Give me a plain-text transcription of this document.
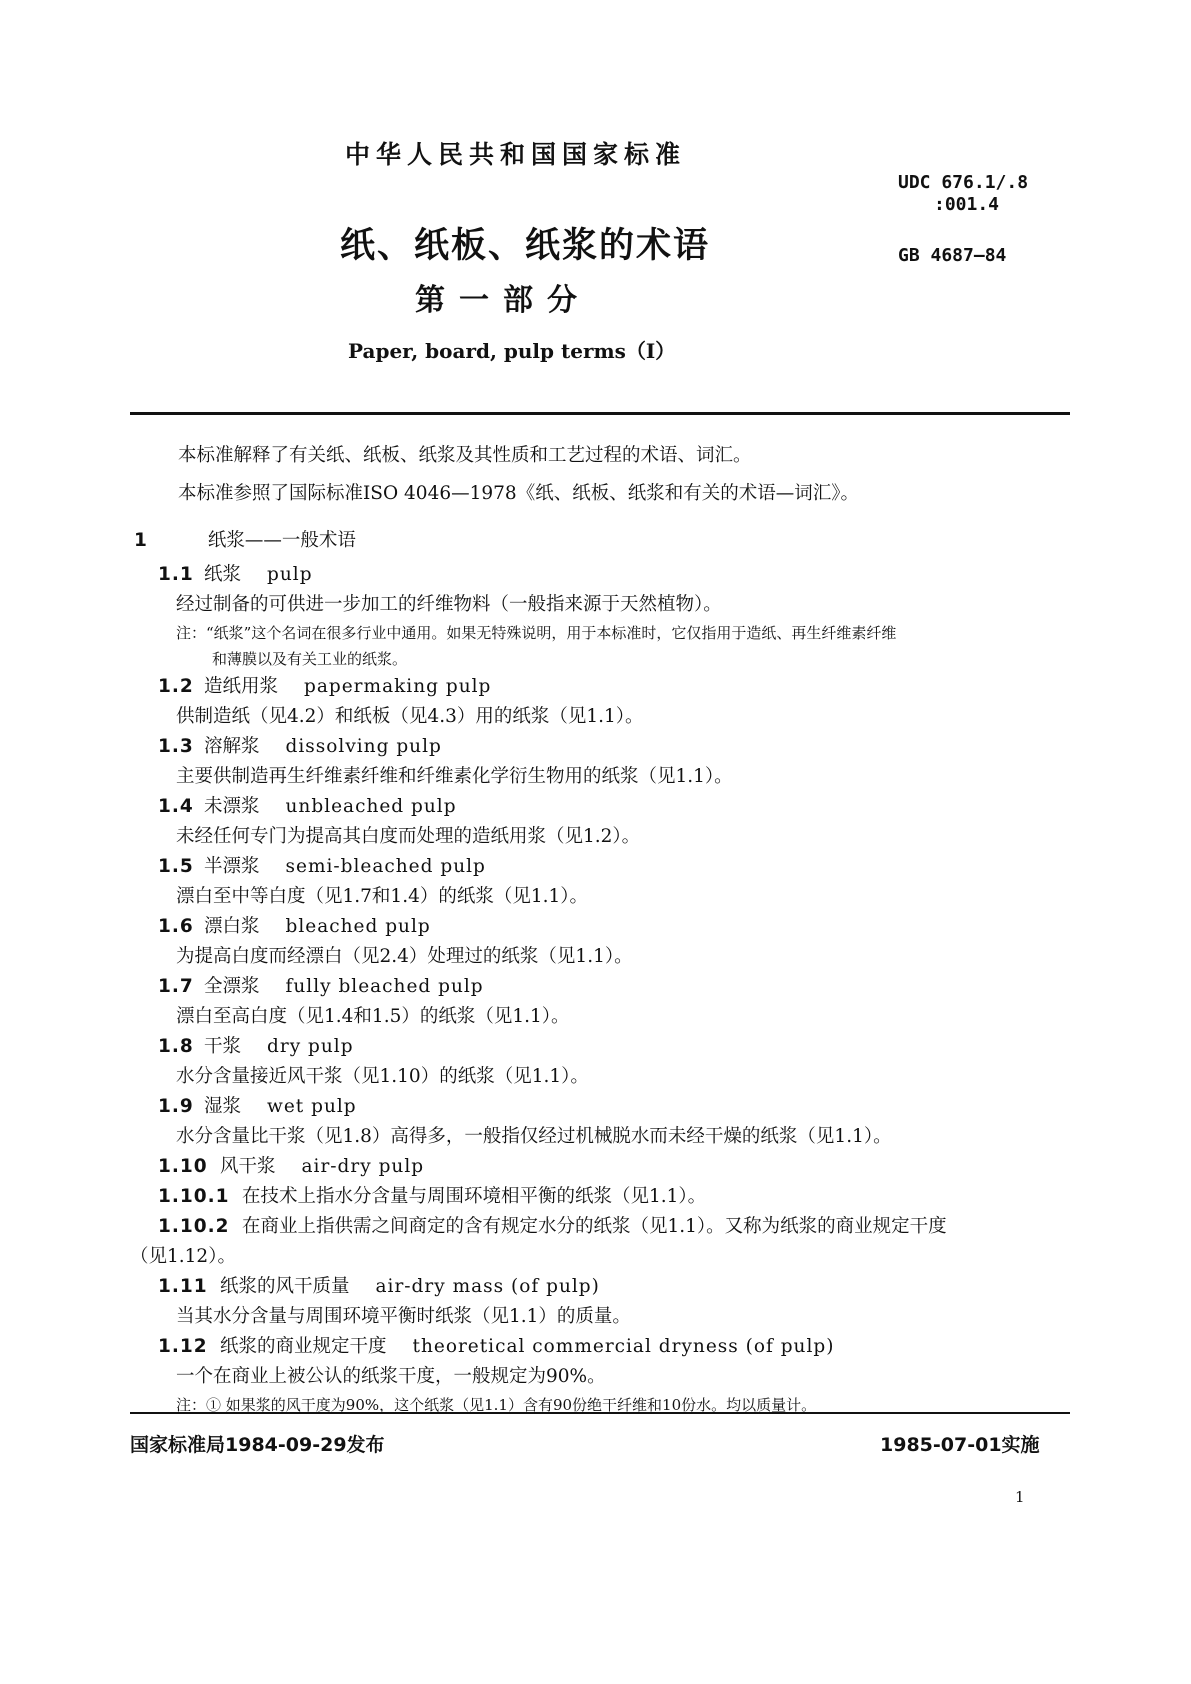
中华人民共和国国家标准
UDC 676.1/.8
:001.4
GB 4687—84
纸、纸板、纸浆的术语
第一部分
Paper, board, pulp terms（I）
本标准解释了有关纸、纸板、纸浆及其性质和工艺过程的术语、词汇。
本标准参照了国际标准ISO 4046—1978《纸、纸板、纸浆和有关的术语—词汇》。
1	纸浆——一般术语
1.1 纸浆 pulp
经过制备的可供进一步加工的纤维物料（一般指来源于天然植物）。
注：“纸浆”这个名词在很多行业中通用。如果无特殊说明，用于本标准时，它仅指用于造纸、再生纤维素纤维
和薄膜以及有关工业的纸浆。
1.2 造纸用浆 papermaking pulp
供制造纸（见4.2）和纸板（见4.3）用的纸浆（见1.1）。
1.3 溶解浆 dissolving pulp
主要供制造再生纤维素纤维和纤维素化学衍生物用的纸浆（见1.1）。
1.4 未漂浆 unbleached pulp
未经任何专门为提高其白度而处理的造纸用浆（见1.2）。
1.5 半漂浆 semi-bleached pulp
漂白至中等白度（见1.7和1.4）的纸浆（见1.1）。
1.6 漂白浆 bleached pulp
为提高白度而经漂白（见2.4）处理过的纸浆（见1.1）。
1.7 全漂浆 fully bleached pulp
漂白至高白度（见1.4和1.5）的纸浆（见1.1）。
1.8 干浆 dry pulp
水分含量接近风干浆（见1.10）的纸浆（见1.1）。
1.9 湿浆 wet pulp
水分含量比干浆（见1.8）高得多，一般指仅经过机械脱水而未经干燥的纸浆（见1.1）。
1.10 风干浆 air-dry pulp
1.10.1 在技术上指水分含量与周围环境相平衡的纸浆（见1.1）。
1.10.2 在商业上指供需之间商定的含有规定水分的纸浆（见1.1）。又称为纸浆的商业规定干度
（见1.12）。
1.11 纸浆的风干质量 air-dry mass (of pulp)
当其水分含量与周围环境平衡时纸浆（见1.1）的质量。
1.12 纸浆的商业规定干度 theoretical commercial dryness (of pulp)
一个在商业上被公认的纸浆干度，一般规定为90%。
注：① 如果浆的风干度为90%，这个纸浆（见1.1）含有90份绝干纤维和10份水。均以质量计。
国家标准局1984-09-29发布	1985-07-01实施
1
